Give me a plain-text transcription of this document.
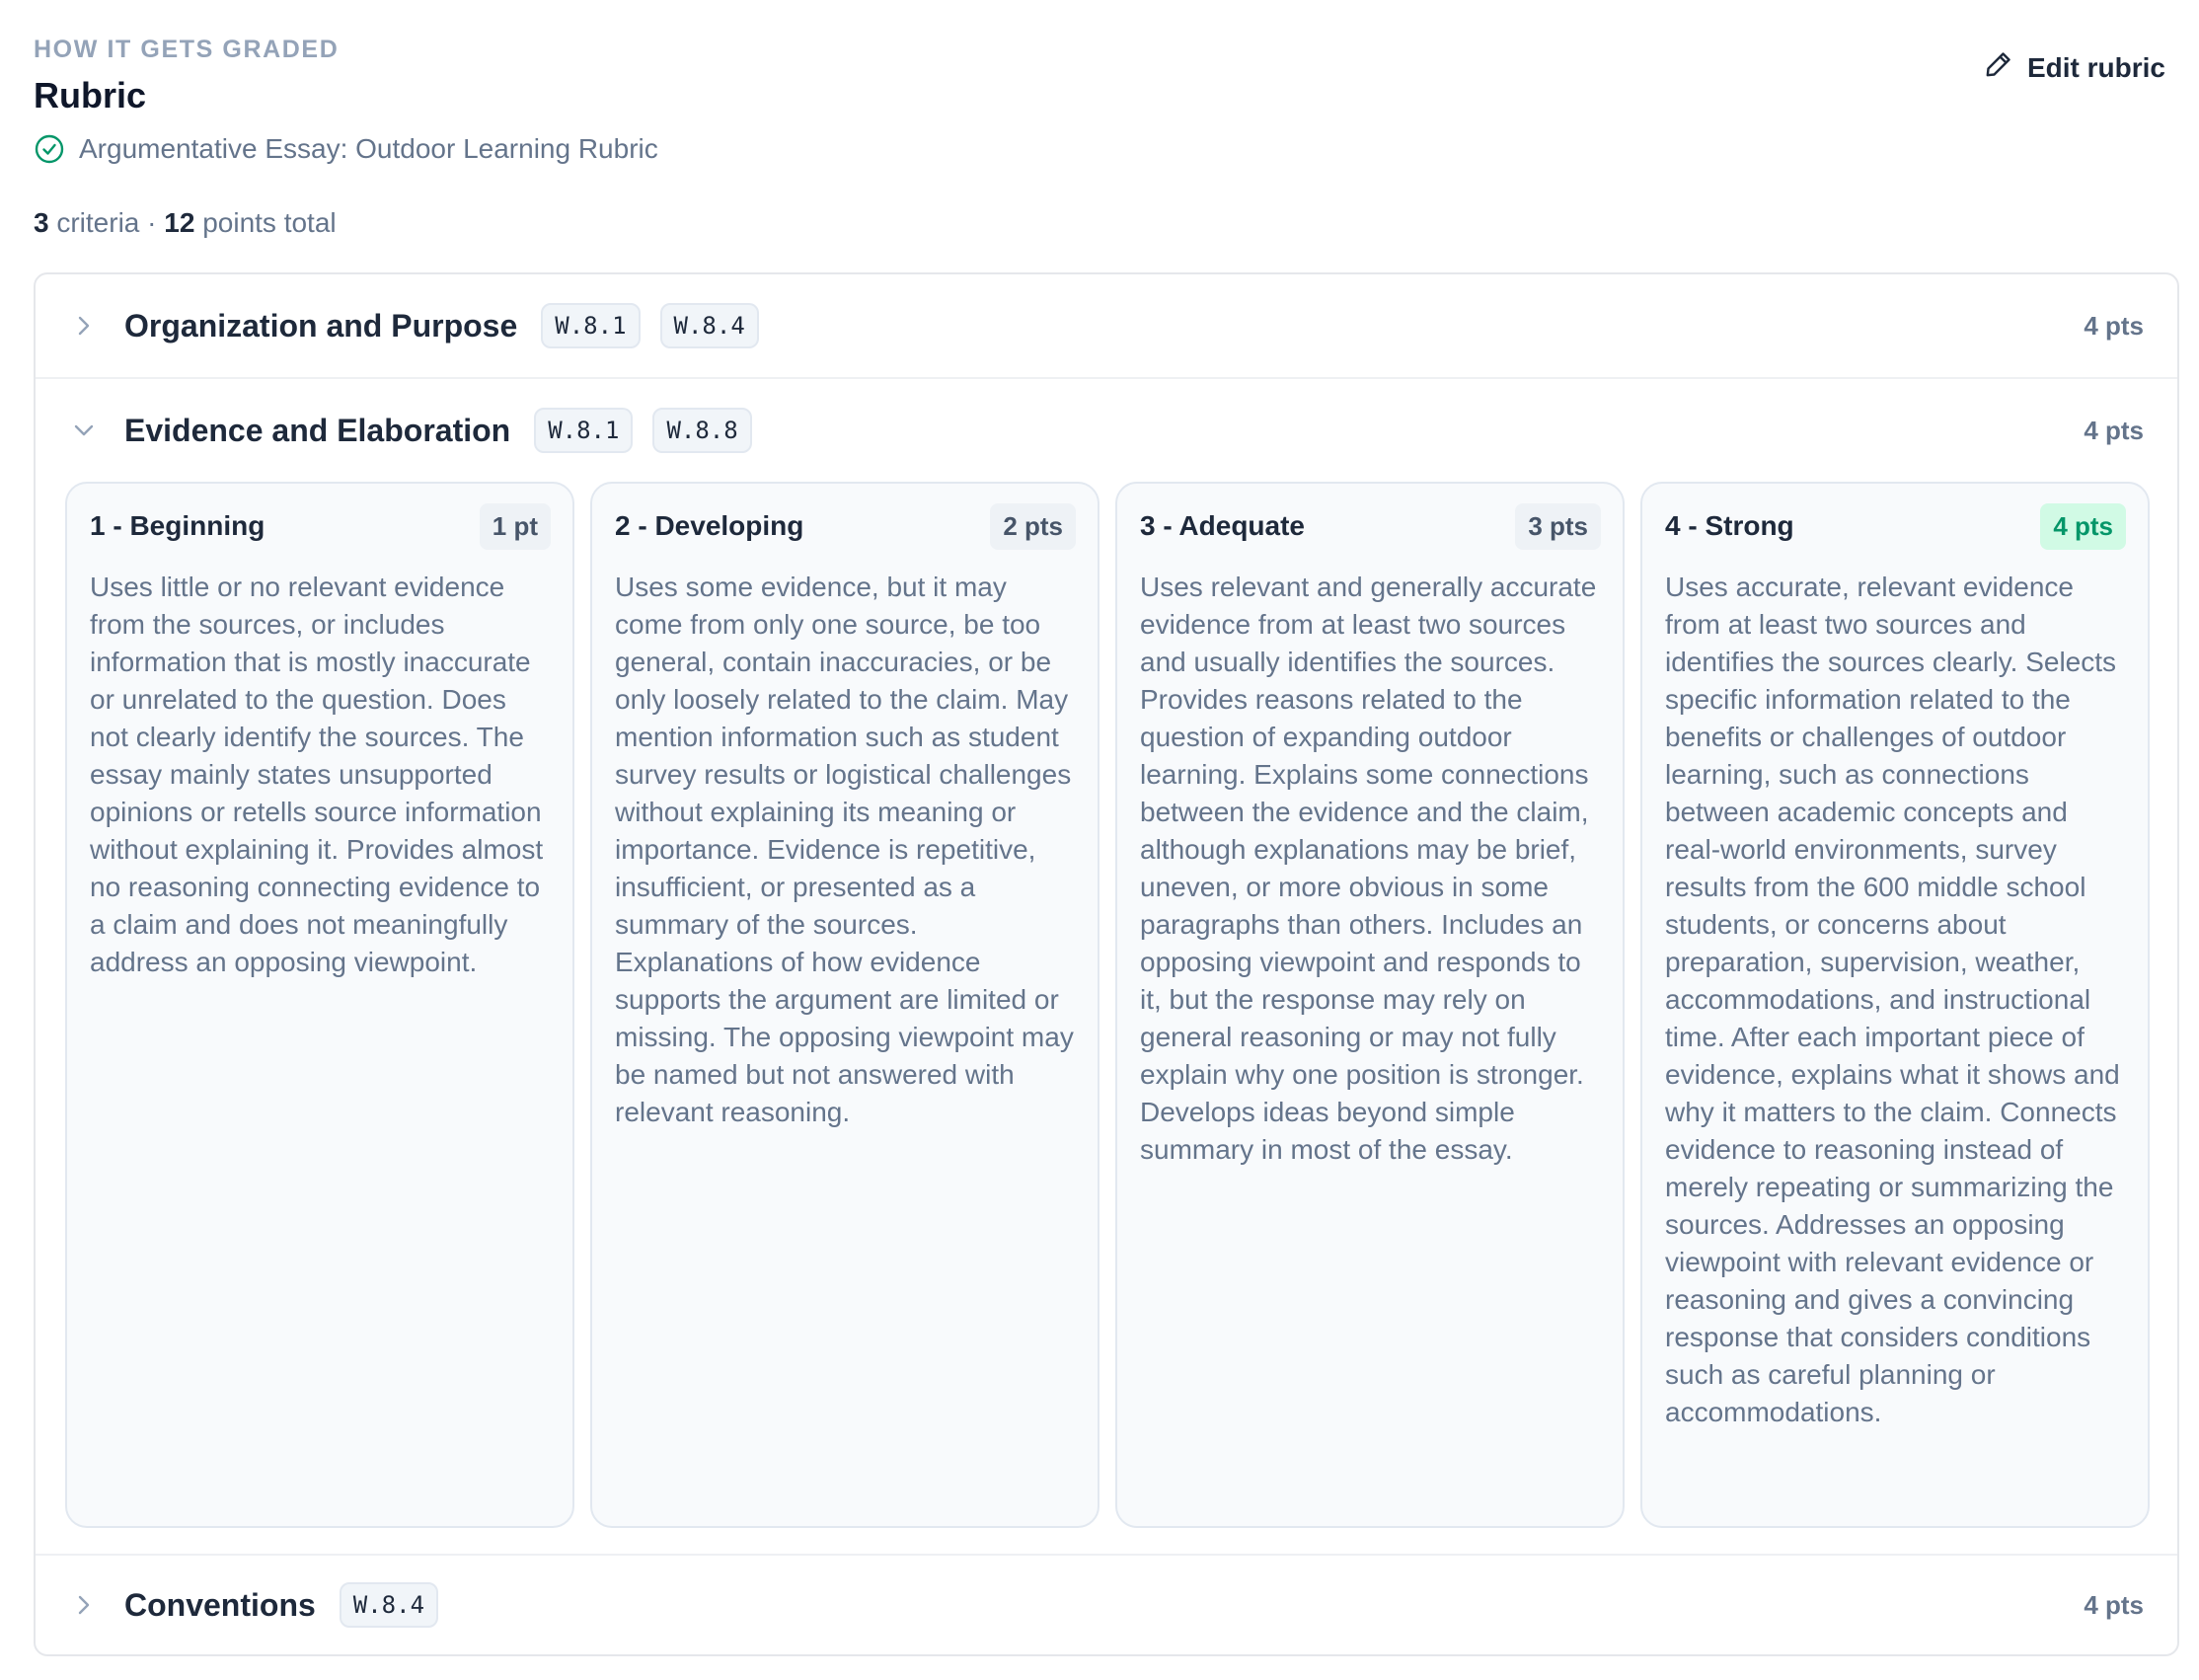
HOW IT GETS GRADED
Rubric
Argumentative Essay: Outdoor Learning Rubric
3 criteria · 12 points total
Edit rubric
Organization and Purpose	W.8.1	W.8.4	4 pts
Evidence and Elaboration	W.8.1	W.8.8	4 pts
1 - Beginning	1 pt
Uses little or no relevant evidence from the sources, or includes information that is mostly inaccurate or unrelated to the question. Does not clearly identify the sources. The essay mainly states unsupported opinions or retells source information without explaining it. Provides almost no reasoning connecting evidence to a claim and does not meaningfully address an opposing viewpoint.
2 - Developing	2 pts
Uses some evidence, but it may come from only one source, be too general, contain inaccuracies, or be only loosely related to the claim. May mention information such as student survey results or logistical challenges without explaining its meaning or importance. Evidence is repetitive, insufficient, or presented as a summary of the sources. Explanations of how evidence supports the argument are limited or missing. The opposing viewpoint may be named but not answered with relevant reasoning.
3 - Adequate	3 pts
Uses relevant and generally accurate evidence from at least two sources and usually identifies the sources. Provides reasons related to the question of expanding outdoor learning. Explains some connections between the evidence and the claim, although explanations may be brief, uneven, or more obvious in some paragraphs than others. Includes an opposing viewpoint and responds to it, but the response may rely on general reasoning or may not fully explain why one position is stronger. Develops ideas beyond simple summary in most of the essay.
4 - Strong	4 pts
Uses accurate, relevant evidence from at least two sources and identifies the sources clearly. Selects specific information related to the benefits or challenges of outdoor learning, such as connections between academic concepts and real-world environments, survey results from the 600 middle school students, or concerns about preparation, supervision, weather, accommodations, and instructional time. After each important piece of evidence, explains what it shows and why it matters to the claim. Connects evidence to reasoning instead of merely repeating or summarizing the sources. Addresses an opposing viewpoint with relevant evidence or reasoning and gives a convincing response that considers conditions such as careful planning or accommodations.
Conventions	W.8.4	4 pts
